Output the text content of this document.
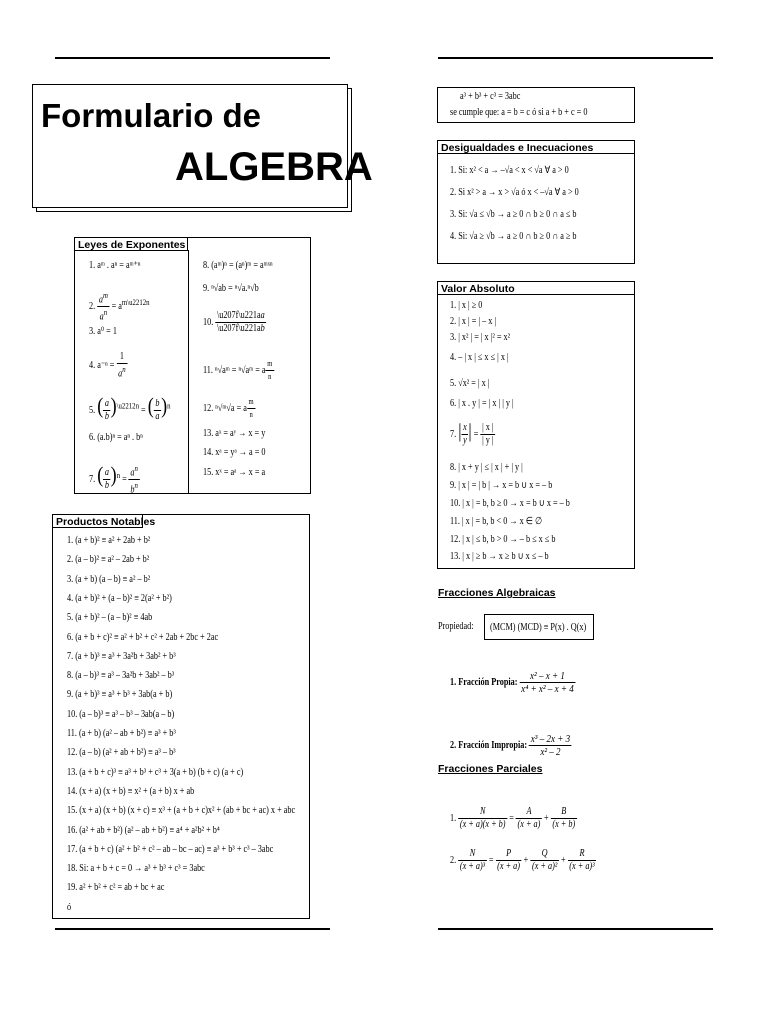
Formulario de
ALGEBRA
Leyes de Exponentes
1. aᵐ . aⁿ = aᵐ⁺ⁿ
2. $\frac{a^m}{a^n} = a^{m\backslash u2212n}$
3. a⁰ = 1
4. $a^{-n} = \frac{1}{a^n}$
5. ( $\frac{a}{b} )^{\backslash u2212n}$ = ( $\frac{b}{a} )^n$
6. (a.b)ⁿ = aⁿ . bⁿ
7. ( $\frac{a}{b} )^n = \frac{a^n}{b^n}$
8. (aᵐ)ⁿ = (aⁿ)ᵐ = aᵐˣⁿ
9. ⁿ√ab = ⁿ√a.ⁿ√b
10. $\frac{\backslash u207f\backslash u221aa}{\backslash u207f\backslash u221ab}$
11. ⁿ√aᵐ = ⁿ√aᵐ = a $\frac{m}{n}$
12. ⁿ√ᵐ√a = a $\frac{m}{n}$
13. aˣ = aʸ → x = y
14. xᵃ = yᵃ → a = 0
15. xˣ = aᵃ → x = a
Productos Notables
1. (a + b)² ≡ a² + 2ab + b²
2. (a – b)² ≡ a² – 2ab + b²
3. (a + b) (a – b) ≡ a² – b²
4. (a + b)² + (a – b)² ≡ 2(a² + b²)
5. (a + b)² – (a – b)² ≡ 4ab
6. (a + b + c)² ≡ a² + b² + c² + 2ab + 2bc + 2ac
7. (a + b)³ ≡ a³ + 3a²b + 3ab² + b³
8. (a – b)³ ≡ a³ – 3a²b + 3ab² – b³
9. (a + b)³ ≡ a³ + b³ + 3ab(a + b)
10. (a – b)³ ≡ a³ – b³ – 3ab(a – b)
11. (a + b) (a² – ab + b²) ≡ a³ + b³
12. (a – b) (a² + ab + b²) ≡ a³ – b³
13. (a + b + c)³ ≡ a³ + b³ + c³ + 3(a + b) (b + c) (a + c)
14. (x + a) (x + b) ≡ x² + (a + b) x + ab
15. (x + a) (x + b) (x + c) ≡ x³ + (a + b + c)x² + (ab + bc + ac) x + abc
16. (a² + ab + b²) (a² – ab + b²) ≡ a⁴ + a²b² + b⁴
17. (a + b + c) (a² + b² + c² – ab – bc – ac) ≡ a³ + b³ + c³ – 3abc
18. Si: a + b + c = 0 → a³ + b³ + c³ = 3abc
19. a² + b² + c² = ab + bc + ac
ó
a³ + b³ + c³ = 3abc
se cumple que: a = b = c ó si a + b + c = 0
Desigualdades e Inecuaciones
1. Si: x² < a → –√a < x < √a ∀ a > 0
2. Si x² > a → x > √a ó x < –√a ∀ a > 0
3. Si: √a ≤ √b → a ≥ 0 ∩ b ≥ 0 ∩ a ≤ b
4. Si: √a ≥ √b → a ≥ 0 ∩ b ≥ 0 ∩ a ≥ b
Valor Absoluto
1. | x | ≥ 0
2. | x | = | – x |
3. | x² | = | x |² = x²
4. – | x | ≤ x ≤ | x |
5. √x² = | x |
6. | x . y | = | x | | y |
7. | $\frac{x}{y}$ | = $\frac{| x |}{| y |}$
8. | x + y | ≤ | x | + | y |
9. | x | = | b | → x = b ∪ x = – b
10. | x | = b, b ≥ 0 → x = b ∪ x = – b
11. | x | = b, b < 0 → x ∈ ∅
12. | x | ≤ b, b > 0 → – b ≤ x ≤ b
13. | x | ≥ b → x ≥ b ∪ x ≤ – b
Fracciones Algebraicas
Propiedad: (MCM) (MCD) ≡ P(x) . Q(x)
1. Fracción Propia: $\frac{\text{x² – x + 1}}{\text{x⁴ + x² – x + 4}}$
2. Fracción Impropia: $\frac{\text{x³ – 2x + 3}}{\text{x² – 2}}$
Fracciones Parciales
1. $\frac{N}{(x + a)(x + b)} = \frac{A}{(x + a)} + \frac{B}{(x + b)}$
2. $\frac{N}{\text{(x + a)³}} = \frac{P}{(x + a)} + \frac{Q}{\text{(x + a)²}} + \frac{R}{\text{(x + a)³}}$
